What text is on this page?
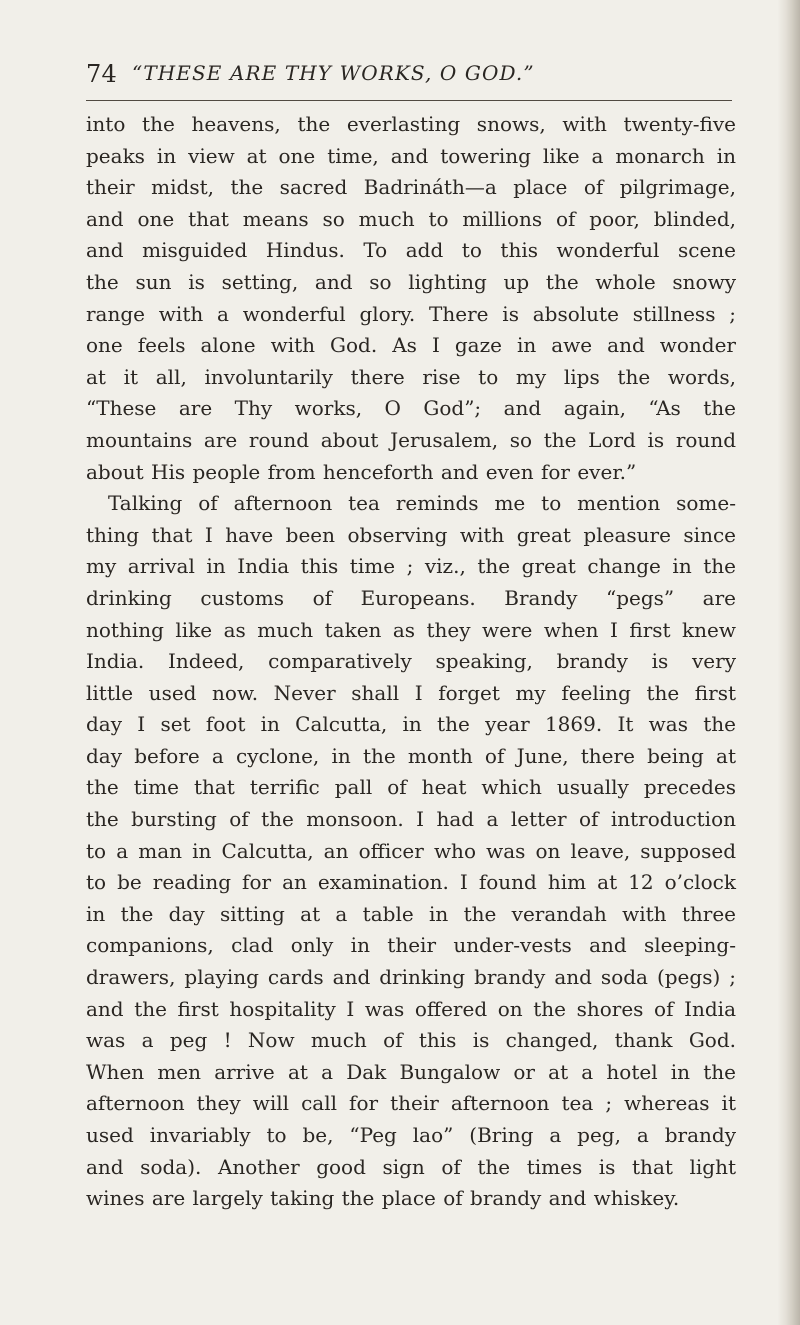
74 “THESE ARE THY WORKS, O GOD.”
into the heavens, the everlasting snows, with twenty-five
peaks in view at one time, and towering like a monarch in
their midst, the sacred Badrináth—a place of pilgrimage,
and one that means so much to millions of poor, blinded,
and misguided Hindus. To add to this wonderful scene
the sun is setting, and so lighting up the whole snowy
range with a wonderful glory. There is absolute stillness ;
one feels alone with God. As I gaze in awe and wonder
at it all, involuntarily there rise to my lips the words,
“These are Thy works, O God”; and again, “As the
mountains are round about Jerusalem, so the Lord is round
about His people from henceforth and even for ever.”
Talking of afternoon tea reminds me to mention some-
thing that I have been observing with great pleasure since
my arrival in India this time ; viz., the great change in the
drinking customs of Europeans. Brandy “pegs” are
nothing like as much taken as they were when I first knew
India. Indeed, comparatively speaking, brandy is very
little used now. Never shall I forget my feeling the first
day I set foot in Calcutta, in the year 1869. It was the
day before a cyclone, in the month of June, there being at
the time that terrific pall of heat which usually precedes
the bursting of the monsoon. I had a letter of introduction
to a man in Calcutta, an officer who was on leave, supposed
to be reading for an examination. I found him at 12 o’clock
in the day sitting at a table in the verandah with three
companions, clad only in their under-vests and sleeping-
drawers, playing cards and drinking brandy and soda (pegs) ;
and the first hospitality I was offered on the shores of India
was a peg ! Now much of this is changed, thank God.
When men arrive at a Dak Bungalow or at a hotel in the
afternoon they will call for their afternoon tea ; whereas it
used invariably to be, “Peg lao” (Bring a peg, a brandy
and soda). Another good sign of the times is that light
wines are largely taking the place of brandy and whiskey.
